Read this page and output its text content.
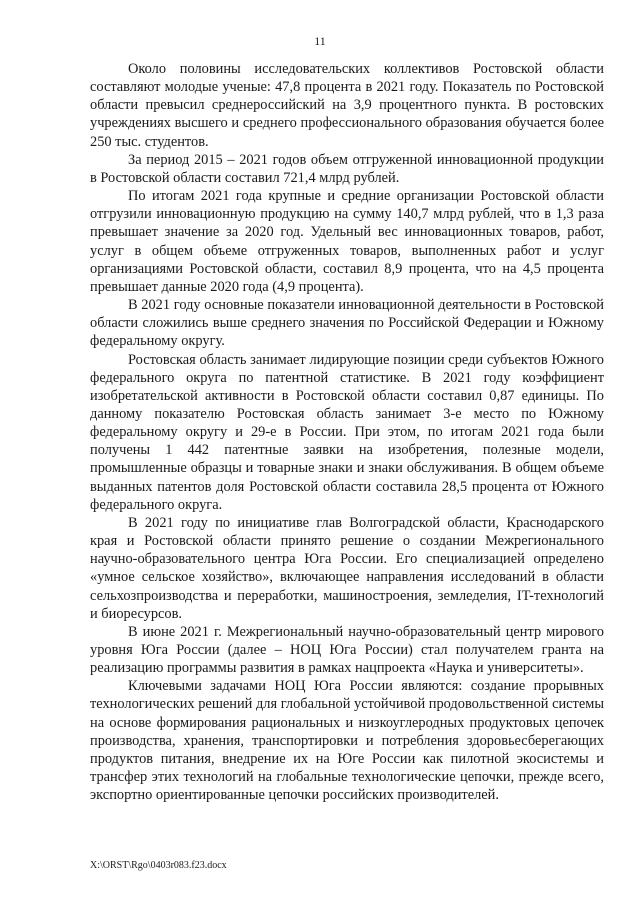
11

Около половины исследовательских коллективов Ростовской области составляют молодые ученые: 47,8 процента в 2021 году. Показатель по Ростовской области превысил среднероссийский на 3,9 процентного пункта. В ростовских учреждениях высшего и среднего профессионального образования обучается более 250 тыс. студентов.

За период 2015 – 2021 годов объем отгруженной инновационной продукции в Ростовской области составил 721,4 млрд рублей.

По итогам 2021 года крупные и средние организации Ростовской области отгрузили инновационную продукцию на сумму 140,7 млрд рублей, что в 1,3 раза превышает значение за 2020 год. Удельный вес инновационных товаров, работ, услуг в общем объеме отгруженных товаров, выполненных работ и услуг организациями Ростовской области, составил 8,9 процента, что на 4,5 процента превышает данные 2020 года (4,9 процента).

В 2021 году основные показатели инновационной деятельности в Ростовской области сложились выше среднего значения по Российской Федерации и Южному федеральному округу.

Ростовская область занимает лидирующие позиции среди субъектов Южного федерального округа по патентной статистике. В 2021 году коэффициент изобретательской активности в Ростовской области составил 0,87 единицы. По данному показателю Ростовская область занимает 3-е место по Южному федеральному округу и 29-е в России. При этом, по итогам 2021 года были получены 1 442 патентные заявки на изобретения, полезные модели, промышленные образцы и товарные знаки и знаки обслуживания. В общем объеме выданных патентов доля Ростовской области составила 28,5 процента от Южного федерального округа.

В 2021 году по инициативе глав Волгоградской области, Краснодарского края и Ростовской области принято решение о создании Межрегионального научно-образовательного центра Юга России. Его специализацией определено «умное сельское хозяйство», включающее направления исследований в области сельхозпроизводства и переработки, машиностроения, земледелия, IT-технологий и биоресурсов.

В июне 2021 г. Межрегиональный научно-образовательный центр мирового уровня Юга России (далее – НОЦ Юга России) стал получателем гранта на реализацию программы развития в рамках нацпроекта «Наука и университеты».

Ключевыми задачами НОЦ Юга России являются: создание прорывных технологических решений для глобальной устойчивой продовольственной системы на основе формирования рациональных и низкоуглеродных продуктовых цепочек производства, хранения, транспортировки и потребления здоровьесберегающих продуктов питания, внедрение их на Юге России как пилотной экосистемы и трансфер этих технологий на глобальные технологические цепочки, прежде всего, экспортно ориентированные цепочки российских производителей.

X:\ORST\Rgo\0403r083.f23.docx
